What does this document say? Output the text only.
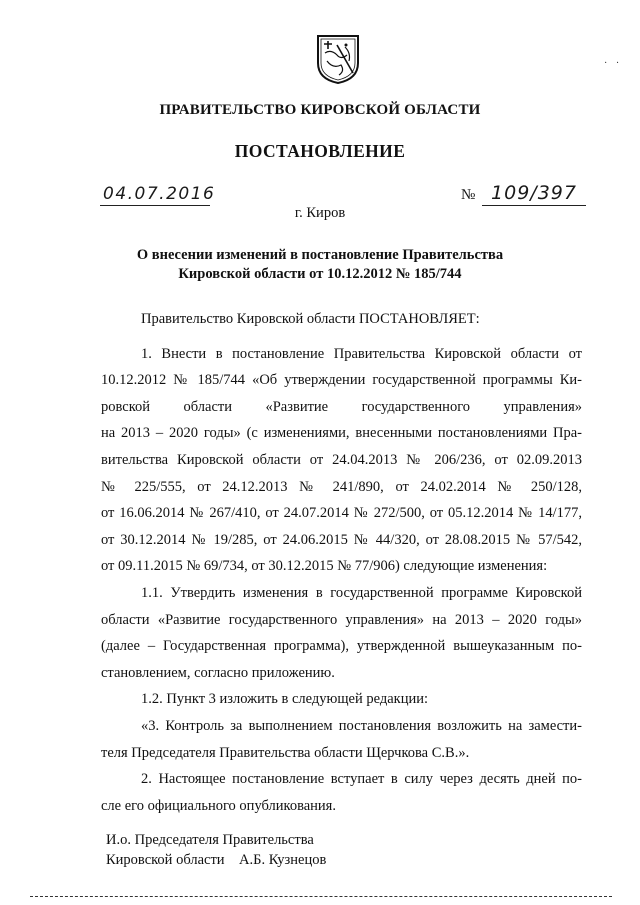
· ·
ПРАВИТЕЛЬСТВО КИРОВСКОЙ ОБЛАСТИ
ПОСТАНОВЛЕНИЕ
04.07.2016	№ 109/397
г. Киров
О внесении изменений в постановление Правительства
Кировской области от 10.12.2012 № 185/744
Правительство Кировской области ПОСТАНОВЛЯЕТ:
1. Внести в постановление Правительства Кировской области от
10.12.2012 № 185/744 «Об утверждении государственной программы Ки-
ровской области «Развитие государственного управления»
на 2013 – 2020 годы» (с изменениями, внесенными постановлениями Пра-
вительства Кировской области от 24.04.2013 № 206/236, от 02.09.2013
№ 225/555, от 24.12.2013 № 241/890, от 24.02.2014 № 250/128,
от 16.06.2014 № 267/410, от 24.07.2014 № 272/500, от 05.12.2014 № 14/177,
от 30.12.2014 № 19/285, от 24.06.2015 № 44/320, от 28.08.2015 № 57/542,
от 09.11.2015 № 69/734, от 30.12.2015 № 77/906) следующие изменения:
1.1. Утвердить изменения в государственной программе Кировской
области «Развитие государственного управления» на 2013 – 2020 годы»
(далее – Государственная программа), утвержденной вышеуказанным по-
становлением, согласно приложению.
1.2. Пункт 3 изложить в следующей редакции:
«3. Контроль за выполнением постановления возложить на замести-
теля Председателя Правительства области Щерчкова С.В.».
2. Настоящее постановление вступает в силу через десять дней по-
сле его официального опубликования.
И.о. Председателя Правительства
Кировской области    А.Б. Кузнецов
